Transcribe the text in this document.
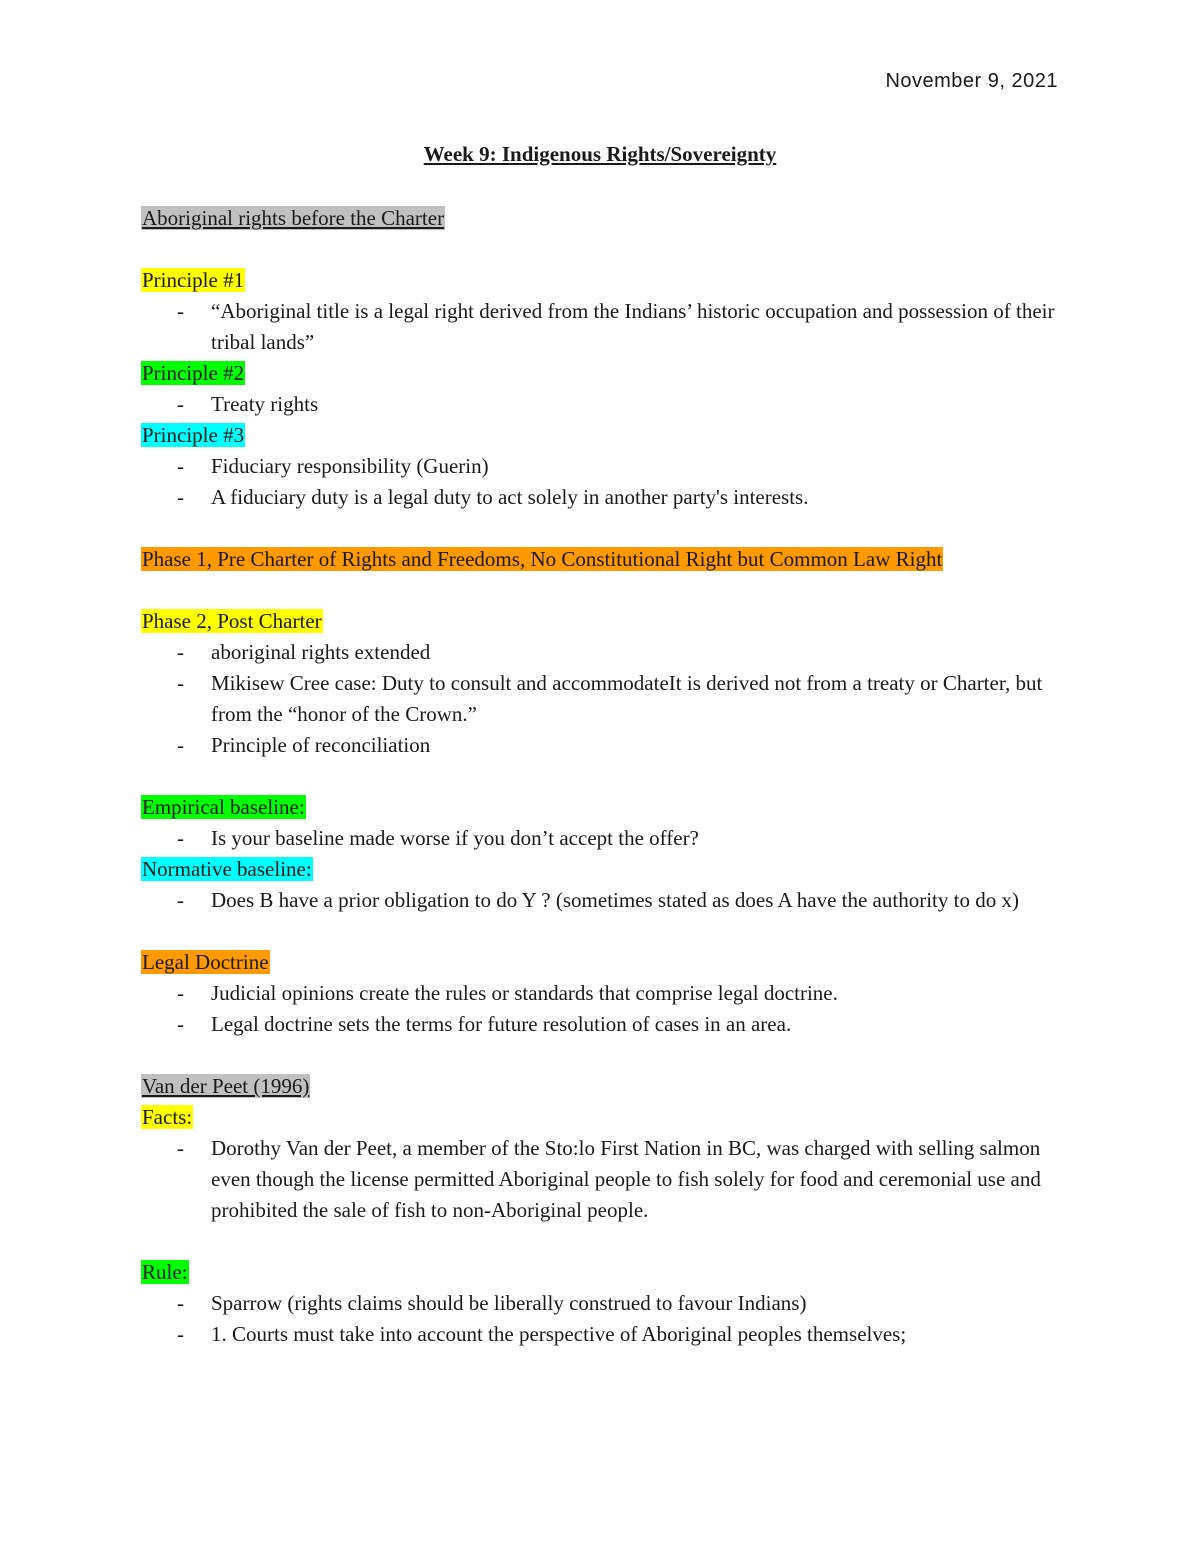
November 9, 2021
Week 9: Indigenous Rights/Sovereignty
Aboriginal rights before the Charter
Principle #1
- “Aboriginal title is a legal right derived from the Indians’ historic occupation and possession of their tribal lands”
Principle #2
- Treaty rights
Principle #3
- Fiduciary responsibility (Guerin)
- A fiduciary duty is a legal duty to act solely in another party's interests.
Phase 1, Pre Charter of Rights and Freedoms, No Constitutional Right but Common Law Right
Phase 2, Post Charter
- aboriginal rights extended
- Mikisew Cree case: Duty to consult and accommodateIt is derived not from a treaty or Charter, but from the “honor of the Crown.”
- Principle of reconciliation
Empirical baseline:
- Is your baseline made worse if you don’t accept the offer?
Normative baseline:
- Does B have a prior obligation to do Y ? (sometimes stated as does A have the authority to do x)
Legal Doctrine
- Judicial opinions create the rules or standards that comprise legal doctrine.
- Legal doctrine sets the terms for future resolution of cases in an area.
Van der Peet (1996)
Facts:
- Dorothy Van der Peet, a member of the Sto:lo First Nation in BC, was charged with selling salmon even though the license permitted Aboriginal people to fish solely for food and ceremonial use and prohibited the sale of fish to non-Aboriginal people.
Rule:
- Sparrow (rights claims should be liberally construed to favour Indians)
- 1. Courts must take into account the perspective of Aboriginal peoples themselves;
